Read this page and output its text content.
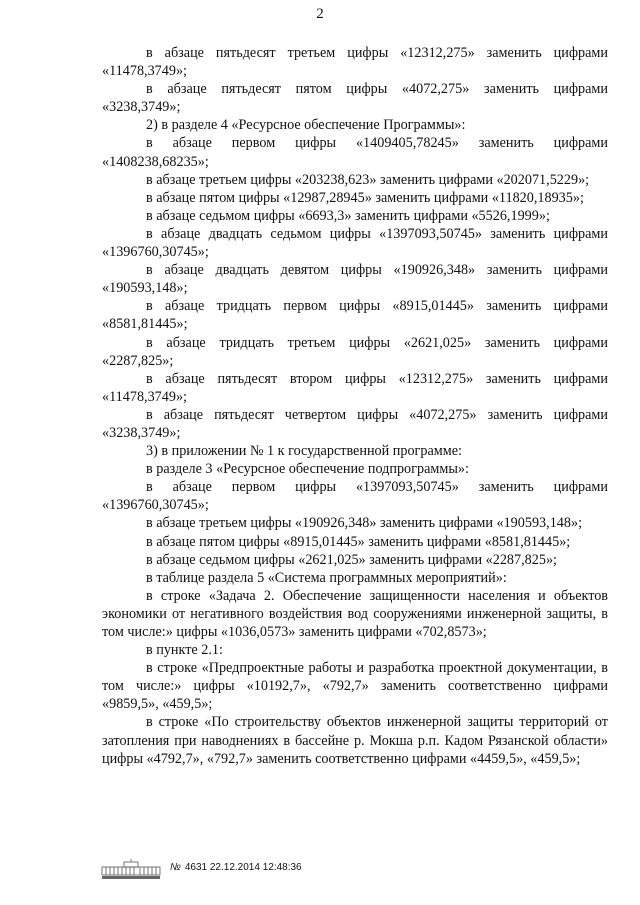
2

в абзаце пятьдесят третьем цифры «12312,275» заменить цифрами «11478,3749»;

в абзаце пятьдесят пятом цифры «4072,275» заменить цифрами «3238,3749»;

2) в разделе 4 «Ресурсное обеспечение Программы»:

в абзаце первом цифры «1409405,78245» заменить цифрами «1408238,68235»;

в абзаце третьем цифры «203238,623» заменить цифрами «202071,5229»;

в абзаце пятом цифры «12987,28945» заменить цифрами «11820,18935»;

в абзаце седьмом цифры «6693,3» заменить цифрами «5526,1999»;

в абзаце двадцать седьмом цифры «1397093,50745» заменить цифрами «1396760,30745»;

в абзаце двадцать девятом цифры «190926,348» заменить цифрами «190593,148»;

в абзаце тридцать первом цифры «8915,01445» заменить цифрами «8581,81445»;

в абзаце тридцать третьем цифры «2621,025» заменить цифрами «2287,825»;

в абзаце пятьдесят втором цифры «12312,275» заменить цифрами «11478,3749»;

в абзаце пятьдесят четвертом цифры «4072,275» заменить цифрами «3238,3749»;

3) в приложении № 1 к государственной программе:

в разделе 3 «Ресурсное обеспечение подпрограммы»:

в абзаце первом цифры «1397093,50745» заменить цифрами «1396760,30745»;

в абзаце третьем цифры «190926,348» заменить цифрами «190593,148»;

в абзаце пятом цифры «8915,01445» заменить цифрами «8581,81445»;

в абзаце седьмом цифры «2621,025» заменить цифрами «2287,825»;

в таблице раздела 5 «Система программных мероприятий»:

в строке «Задача 2. Обеспечение защищенности населения и объектов экономики от негативного воздействия вод сооружениями инженерной защиты, в том числе:» цифры «1036,0573» заменить цифрами «702,8573»;

в пункте 2.1:

в строке «Предпроектные работы и разработка проектной документации, в том числе:» цифры «10192,7», «792,7» заменить соответственно цифрами «9859,5», «459,5»;

в строке «По строительству объектов инженерной защиты территорий от затопления при наводнениях в бассейне р. Мокша р.п. Кадом Рязанской области» цифры «4792,7», «792,7» заменить соответственно цифрами «4459,5», «459,5»;

№ 4631 22.12.2014 12:48:36
